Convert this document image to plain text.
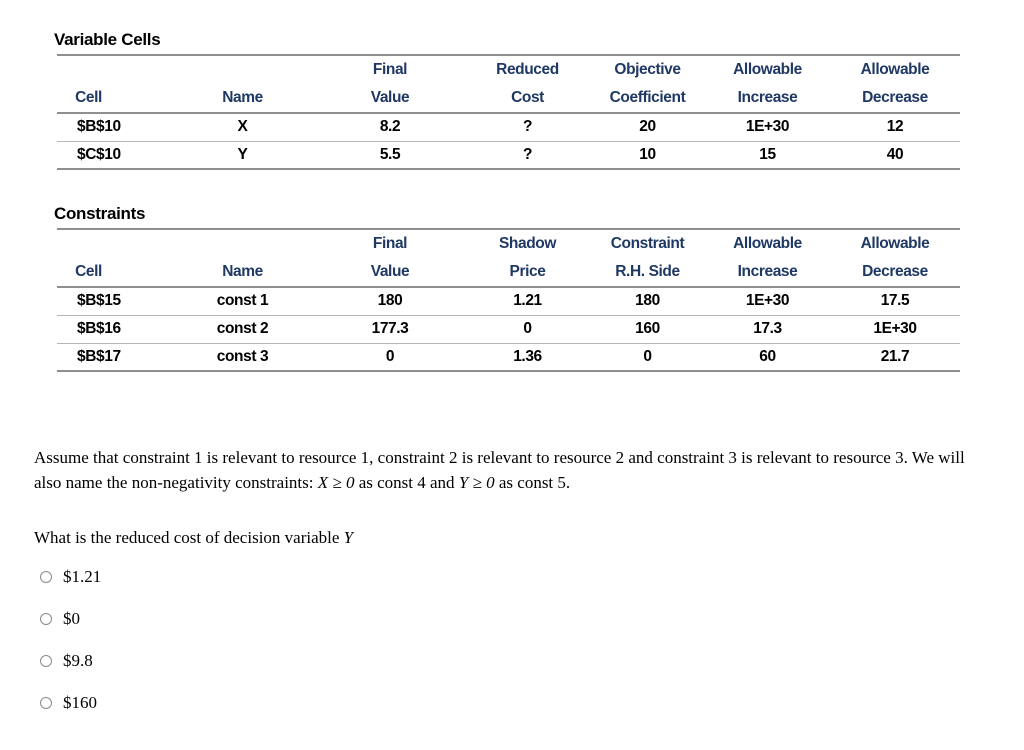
Variable Cells
		Final	Reduced	Objective	Allowable	Allowable
Cell	Name	Value	Cost	Coefficient	Increase	Decrease
$B$10	X	8.2	?	20	1E+30	12
$C$10	Y	5.5	?	10	15	40
Constraints
		Final	Shadow	Constraint	Allowable	Allowable
Cell	Name	Value	Price	R.H. Side	Increase	Decrease
$B$15	const 1	180	1.21	180	1E+30	17.5
$B$16	const 2	177.3	0	160	17.3	1E+30
$B$17	const 3	0	1.36	0	60	21.7

Assume that constraint 1 is relevant to resource 1, constraint 2 is relevant to resource 2 and constraint 3 is relevant to resource 3. We will also name the non-negativity constraints: X ≥ 0 as const 4 and Y ≥ 0 as const 5.

What is the reduced cost of decision variable Y

$1.21
$0
$9.8
$160
